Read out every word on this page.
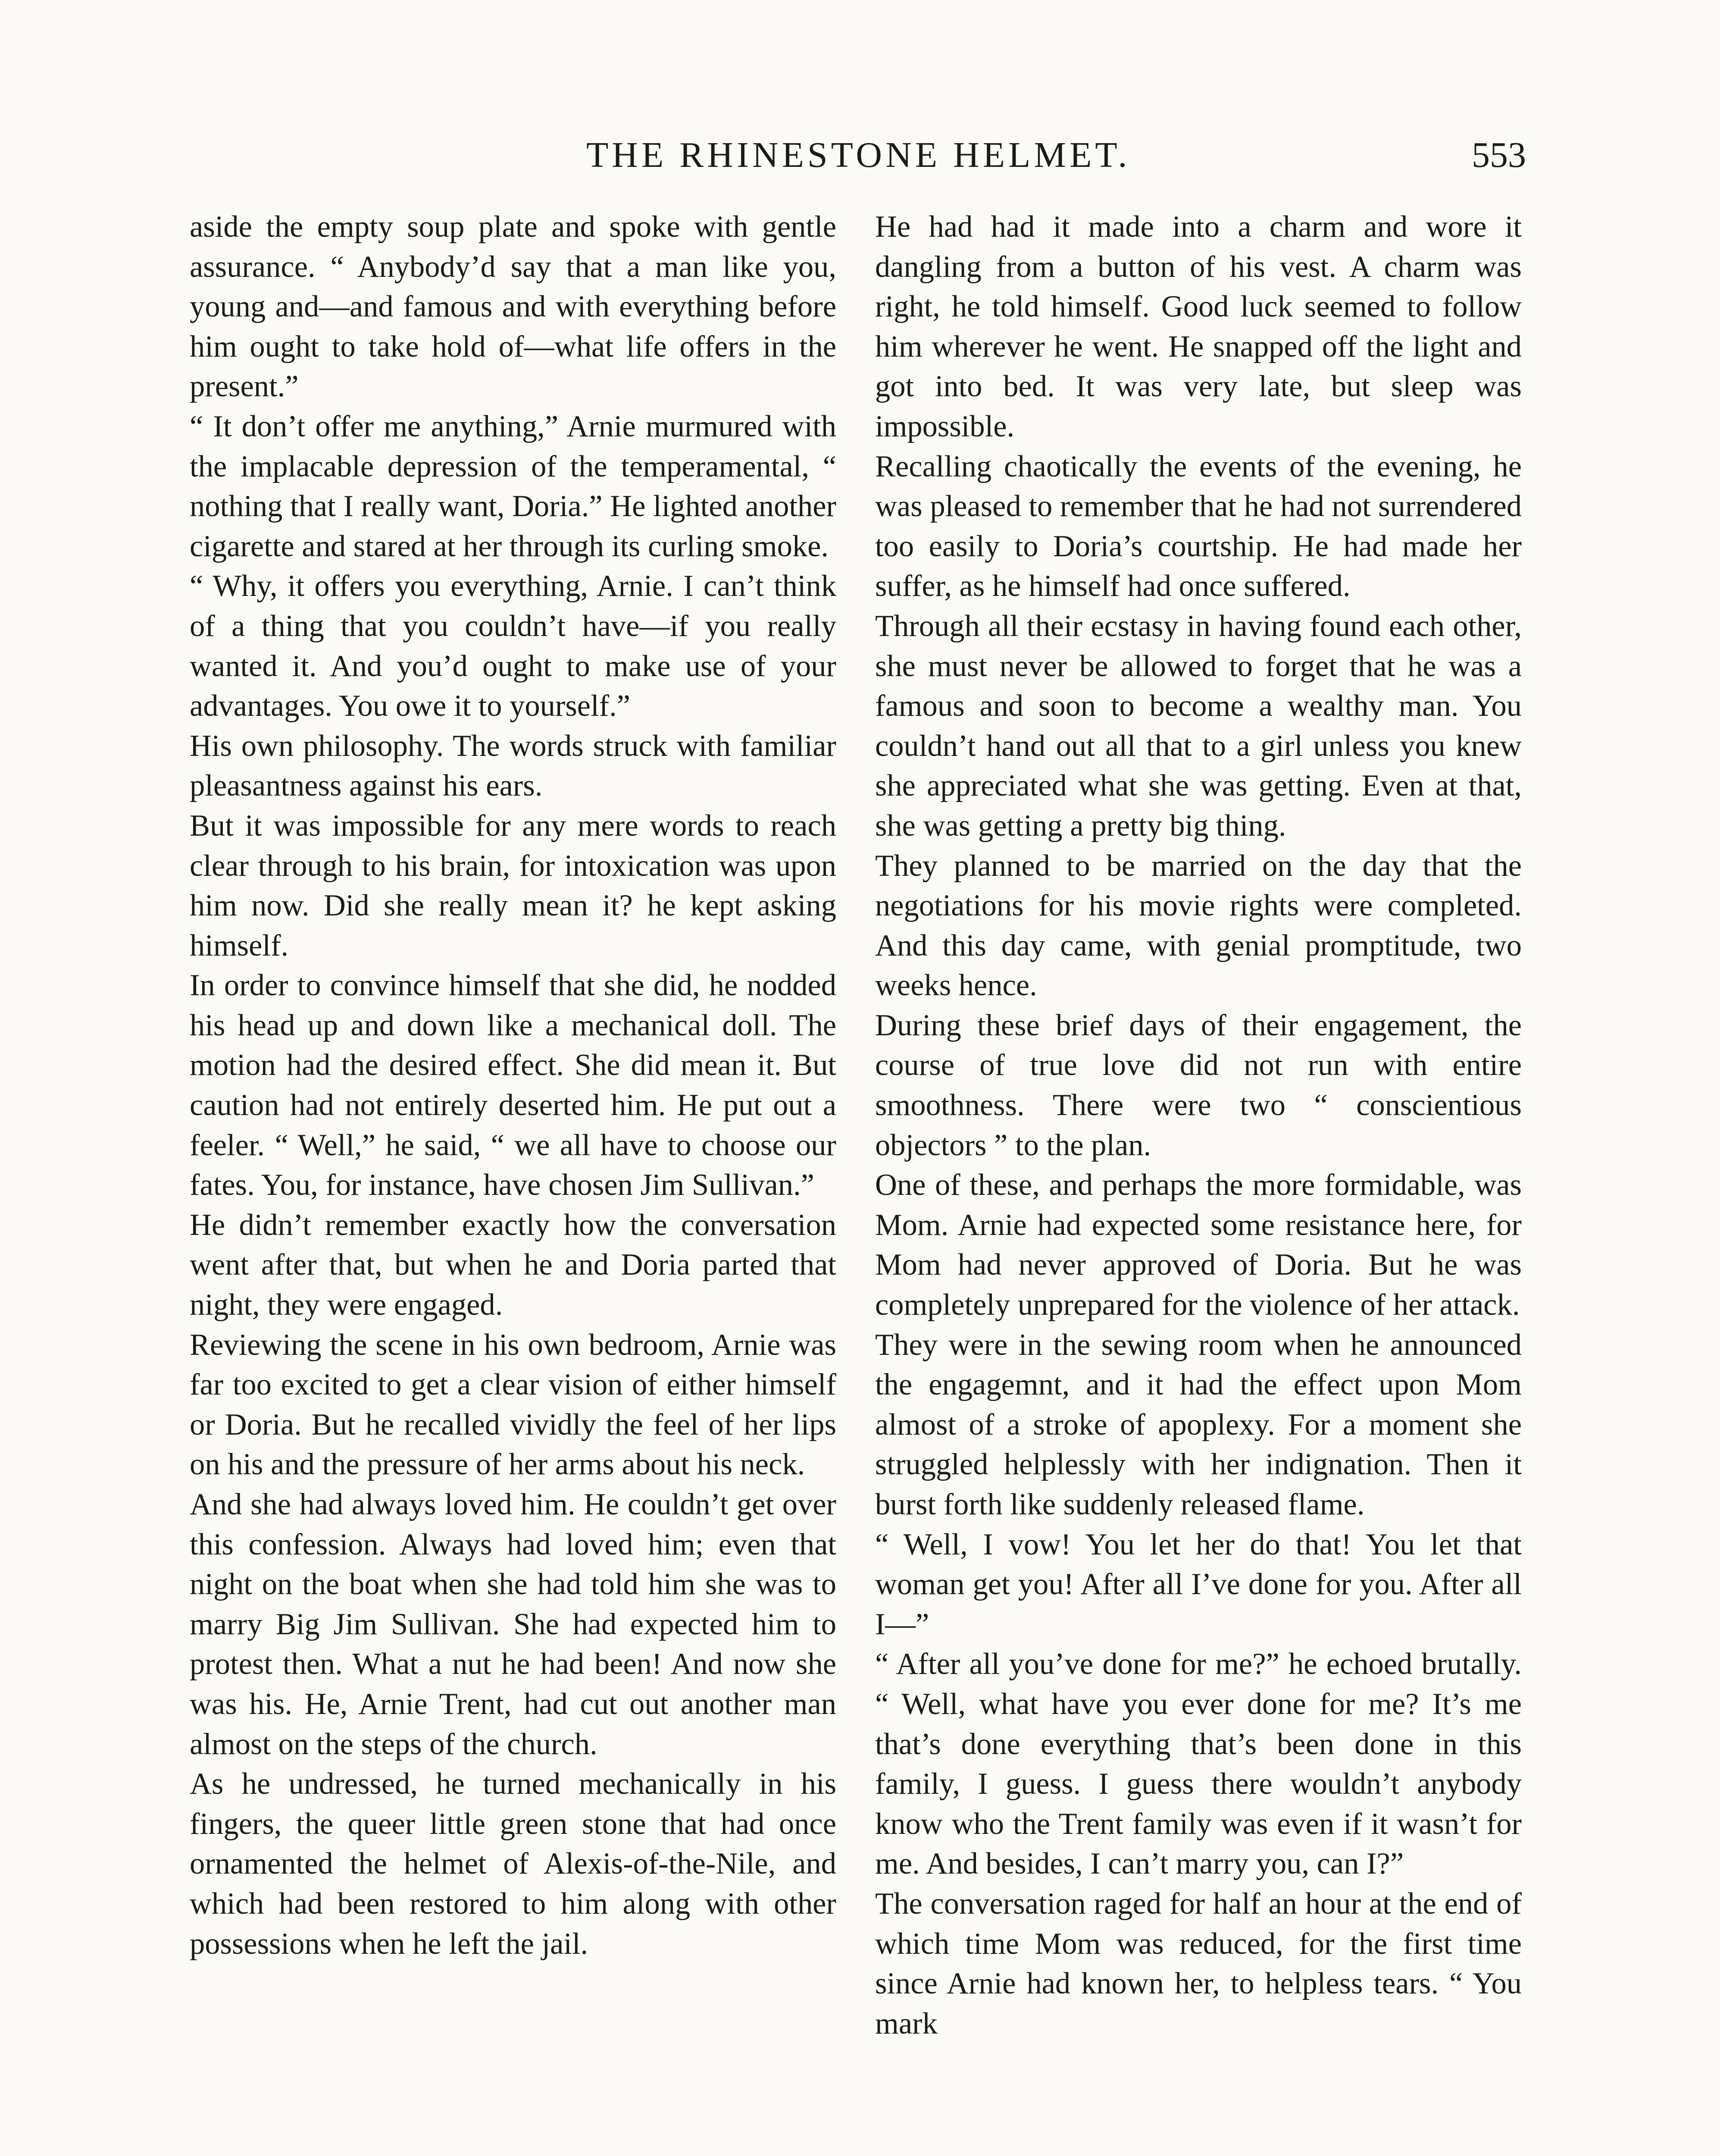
THE RHINESTONE HELMET.	553

aside the empty soup plate and spoke with gentle assurance. “ Anybody’d say that a man like you, young and—and famous and with everything before him ought to take hold of—what life offers in the present.”

“ It don’t offer me anything,” Arnie murmured with the implacable depression of the temperamental, “ nothing that I really want, Doria.” He lighted another cigarette and stared at her through its curling smoke.

“ Why, it offers you everything, Arnie. I can’t think of a thing that you couldn’t have—if you really wanted it. And you’d ought to make use of your advantages. You owe it to yourself.”

His own philosophy. The words struck with familiar pleasantness against his ears.

But it was impossible for any mere words to reach clear through to his brain, for intoxication was upon him now. Did she really mean it? he kept asking himself.

In order to convince himself that she did, he nodded his head up and down like a mechanical doll. The motion had the desired effect. She did mean it. But caution had not entirely deserted him. He put out a feeler. “ Well,” he said, “ we all have to choose our fates. You, for instance, have chosen Jim Sullivan.”

He didn’t remember exactly how the conversation went after that, but when he and Doria parted that night, they were engaged.

Reviewing the scene in his own bedroom, Arnie was far too excited to get a clear vision of either himself or Doria. But he recalled vividly the feel of her lips on his and the pressure of her arms about his neck.

And she had always loved him. He couldn’t get over this confession. Always had loved him; even that night on the boat when she had told him she was to marry Big Jim Sullivan. She had expected him to protest then. What a nut he had been! And now she was his. He, Arnie Trent, had cut out another man almost on the steps of the church.

As he undressed, he turned mechanically in his fingers, the queer little green stone that had once ornamented the helmet of Alexis-of-the-Nile, and which had been restored to him along with other possessions when he left the jail.

He had had it made into a charm and wore it dangling from a button of his vest. A charm was right, he told himself. Good luck seemed to follow him wherever he went. He snapped off the light and got into bed. It was very late, but sleep was impossible.

Recalling chaotically the events of the evening, he was pleased to remember that he had not surrendered too easily to Doria’s courtship. He had made her suffer, as he himself had once suffered.

Through all their ecstasy in having found each other, she must never be allowed to forget that he was a famous and soon to become a wealthy man. You couldn’t hand out all that to a girl unless you knew she appreciated what she was getting. Even at that, she was getting a pretty big thing.

They planned to be married on the day that the negotiations for his movie rights were completed. And this day came, with genial promptitude, two weeks hence.

During these brief days of their engagement, the course of true love did not run with entire smoothness. There were two “ conscientious objectors ” to the plan.

One of these, and perhaps the more formidable, was Mom. Arnie had expected some resistance here, for Mom had never approved of Doria. But he was completely unprepared for the violence of her attack.

They were in the sewing room when he announced the engagemnt, and it had the effect upon Mom almost of a stroke of apoplexy. For a moment she struggled helplessly with her indignation. Then it burst forth like suddenly released flame.

“ Well, I vow! You let her do that! You let that woman get you! After all I’ve done for you. After all I—”

“ After all you’ve done for me?” he echoed brutally. “ Well, what have you ever done for me? It’s me that’s done everything that’s been done in this family, I guess. I guess there wouldn’t anybody know who the Trent family was even if it wasn’t for me. And besides, I can’t marry you, can I?”

The conversation raged for half an hour at the end of which time Mom was reduced, for the first time since Arnie had known her, to helpless tears. “ You mark
